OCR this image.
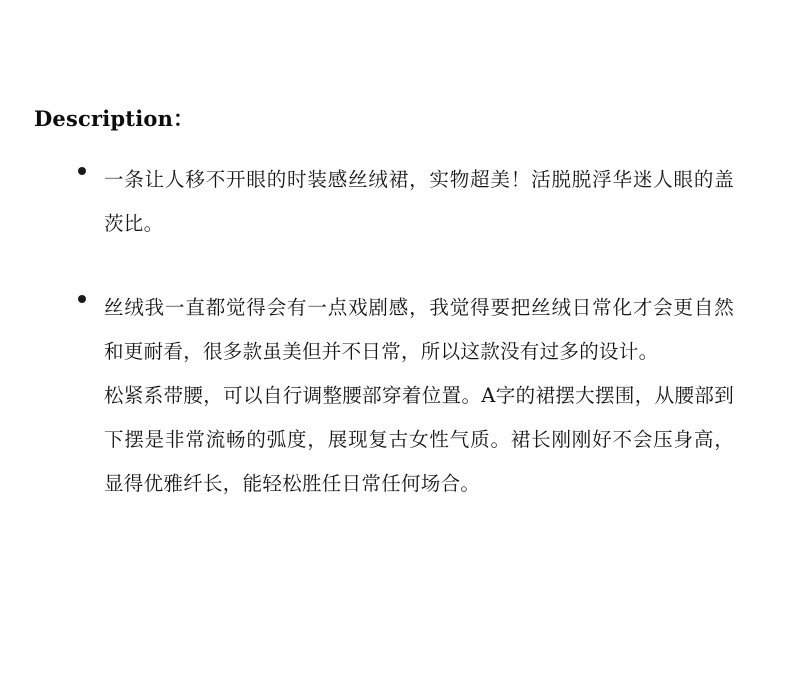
Description：

一条让人移不开眼的时装感丝绒裙，实物超美！活脱脱浮华迷人眼的盖茨比。

丝绒我一直都觉得会有一点戏剧感，我觉得要把丝绒日常化才会更自然和更耐看，很多款虽美但并不日常，所以这款没有过多的设计。

松紧系带腰，可以自行调整腰部穿着位置。A字的裙摆大摆围，从腰部到下摆是非常流畅的弧度，展现复古女性气质。裙长刚刚好不会压身高，显得优雅纤长，能轻松胜任日常任何场合。
